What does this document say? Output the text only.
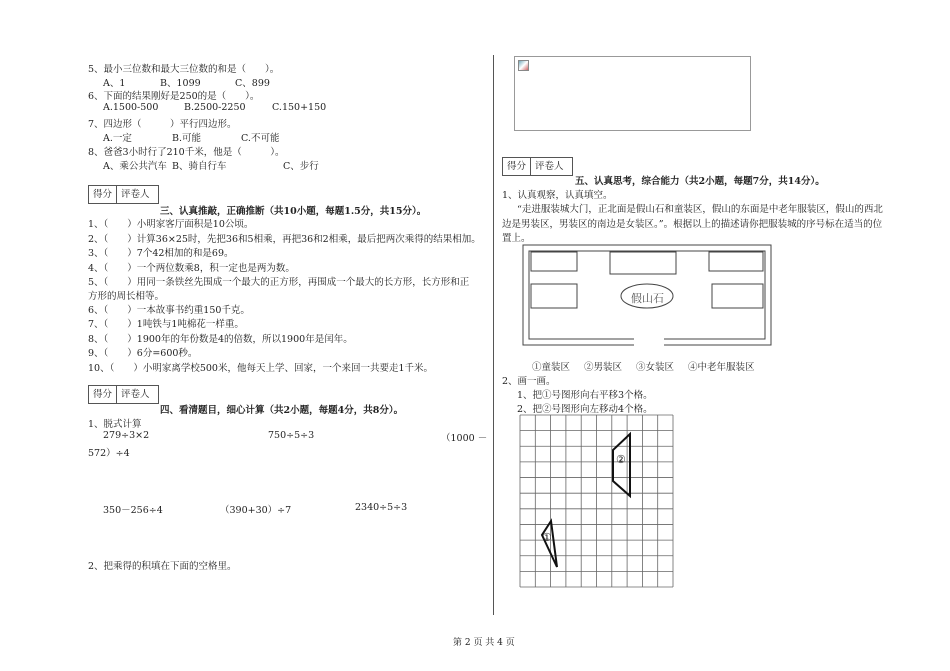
5、最小三位数和最大三位数的和是（　　）。
A、1	B、1099	C、899
6、下面的结果刚好是250的是（　　）。
A.1500-500	B.2500-2250	C.150+150
7、四边形（　　　）平行四边形。
A.一定	B.可能	C.不可能
8、爸爸3小时行了210千米，他是（　　　）。
A、乘公共汽车 B、骑自行车	C、步行
得分 评卷人
三、认真推敲，正确推断（共10小题，每题1.5分，共15分）。
1、（　　）小明家客厅面积是10公顷。
2、（　　）计算36×25时，先把36和5相乘，再把36和2相乘，最后把两次乘得的结果相加。
3、（　　）7个42相加的和是69。
4、（　　）一个两位数乘8，积一定也是两为数。
5、（　　）用同一条铁丝先围成一个最大的正方形，再围成一个最大的长方形，长方形和正
方形的周长相等。
6、（　　）一本故事书约重150千克。
7、（　　）1吨铁与1吨棉花一样重。
8、（　　）1900年的年份数是4的倍数，所以1900年是闰年。
9、（　　）6分=600秒。
10、（　　）小明家离学校500米，他每天上学、回家，一个来回一共要走1千米。
得分 评卷人
四、看清题目，细心计算（共2小题，每题4分，共8分）。
1、脱式计算
279÷3×2	750÷5÷3	（1000 －
572）÷4
350－256÷4	（390+30）÷7	2340÷5÷3
2、把乘得的积填在下面的空格里。
得分 评卷人
五、认真思考，综合能力（共2小题，每题7分，共14分）。
1、认真观察，认真填空。
“走进服装城大门，正北面是假山石和童装区，假山的东面是中老年服装区，假山的西北
边是男装区，男装区的南边是女装区。”。根据以上的描述请你把服装城的序号标在适当的位
置上。
假山石
①童装区 ②男装区 ③女装区 ④中老年服装区
2、画一画。
1、把①号图形向右平移3个格。
2、把②号图形向左移动4个格。
①
②
第 2 页 共 4 页
